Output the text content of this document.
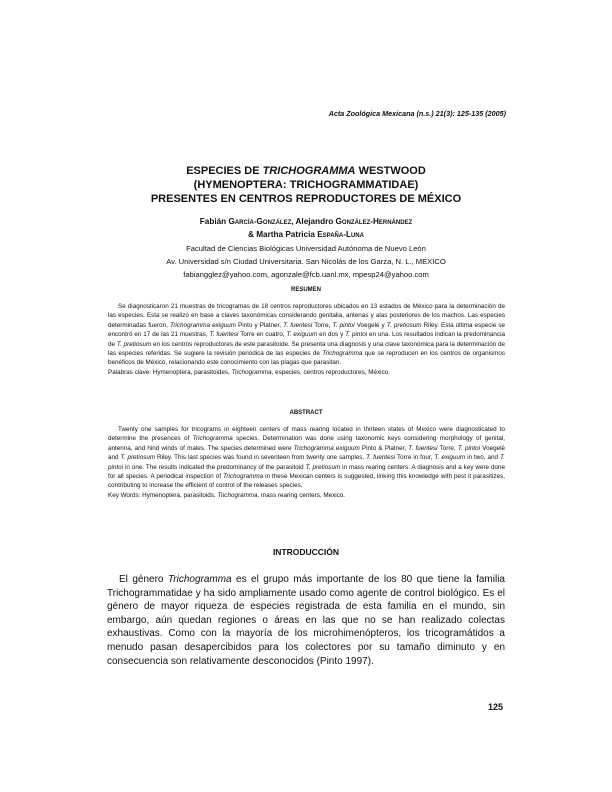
Acta Zoológica Mexicana (n.s.) 21(3): 125-135 (2005)
ESPECIES DE TRICHOGRAMMA WESTWOOD
(HYMENOPTERA: TRICHOGRAMMATIDAE)
PRESENTES EN CENTROS REPRODUCTORES DE MÉXICO
Fabián García-González, Alejandro González-Hernández
& Martha Patricia España-Luna
Facultad de Ciencias Biológicas Universidad Autónoma de Nuevo León
Av. Universidad s/n Ciudad Universitaria. San Nicolás de los Garza, N. L., MEXICO
fabiangglez@yahoo.com, agonzale@fcb.uanl.mx, mpesp24@yahoo.com
RESUMEN

Se diagnosticaron 21 muestras de tricogramas de 18 centros reproductores ubicados en 13 estados de México para la determinación de las especies. Esta se realizó en base a claves taxonómicas considerando genitalia, antenas y alas posteriores de los machos. Las especies determinadas fueron, Trichogramma exiguum Pinto y Platner, T. fuentesi Torre, T. pintoi Voegelé y T. pretiosum Riley. Esta última especie se encontró en 17 de las 21 muestras, T. fuentesi Torre en cuatro, T. exiguum en dos y T. pintoi en una. Los resultados indican la predominancia de T. pretiosum en los centros reproductores de este parasitoide. Se presenta una diagnosis y una clave taxonómica para la determinación de las especies referidas. Se sugiere la revisión periódica de las especies de Trichogramma que se reproducen en los centros de organismos benéficos de México, relacionando este conocimiento con las plagas que parasitan.

Palabras clave: Hymenoptera, parasitoides, Trichogramma, especies, centros reproductores, México.

ABSTRACT

Twenty one samples for tricograms in eighteen centers of mass rearing located in thirteen states of Mexico were diagnosticated to determine the presences of Trichogramma species. Determination was done using taxonomic keys considering morphology of genital, antenna, and hind winds of males. The species determined were Trichogramma exiguum Pinto & Platner, T. fuentesi Torre, T. pintoi Voegelé and T. pretiosum Riley. This last species was found in seventeen from twenty one samples, T. fuentesi Torre in four, T. exiguum in two, and T. pintoi in one. The results indicated the predominancy of the parasitoid T. pretiosum in mass rearing centers. A diagnosis and a key were done for all species. A periodical inspection of Trichogramma in these Mexican centers is suggested, linking this knowledge with pest it parasitizes, contributing to increase the efficient of control of the releases species.

Key Words: Hymenoptera, parasitoids, Trichogramma, mass rearing centers, Mexico.

INTRODUCCIÓN

El género Trichogramma es el grupo más importante de los 80 que tiene la familia Trichogrammatidae y ha sido ampliamente usado como agente de control biológico. Es el género de mayor riqueza de especies registrada de esta familia en el mundo, sin embargo, aún quedan regiones o áreas en las que no se han realizado colectas exhaustivas. Como con la mayoría de los microhimenópteros, los tricogramátidos a menudo pasan desapercibidos para los colectores por su tamaño diminuto y en consecuencia son relativamente desconocidos (Pinto 1997).

125
